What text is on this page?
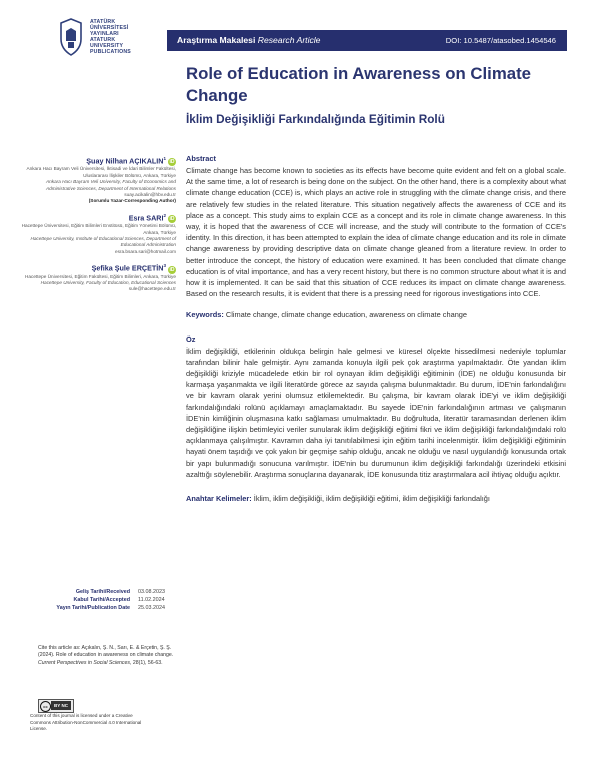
ATATÜRK
ÜNİVERSİTESİ
YAYINLARI
ATATURK
UNIVERSITY
PUBLICATIONS
Araştırma Makalesi Research Article	DOI: 10.5487/atasobed.1454546
Role of Education in Awareness on Climate Change
İklim Değişikliği Farkındalığında Eğitimin Rolü
Şuay Nilhan AÇIKALIN$^1$iD
Ankara Hacı Bayram Veli Üniversitesi, İktisadi ve İdari Bilimler Fakültesi, Uluslararası İlişkiler Bölümü, Ankara, Türkiye
Ankara Hacı Bayram Veli University, Faculty of Economics and Administrative Sciences, Department of International Relations
suay.acikalin@hbv.edu.tr
(Sorumlu Yazar-Corresponding Author)
Esra SARI$^2$iD
Hacettepe Üniversitesi, Eğitim Bilimleri Enstitüsü, Eğitim Yönetimi Bölümü, Ankara, Türkiye
Hacettepe University, Institute of Educational Sciences, Department of Educational Administration
esra.bsara.sari@hotmail.com
Şefika Şule ERÇETİN$^3$iD
Hacettepe Üniversitesi, Eğitim Fakültesi, Eğitim Bilimleri, Ankara, Türkiye
Hacettepe University, Faculty of Education, Educational Sciences
sule@hacettepe.edu.tr
Geliş Tarihi/Received 03.08.2023
Kabul Tarihi/Accepted 11.02.2024
Yayın Tarihi/Publication Date 25.03.2024
Cite this article as: Açıkalın, Ş. N., Sarı, E. & Erçetin, Ş. Ş. (2024). Role of education in awareness on climate change. Current Perspectives in Social Sciences, 28(1), 56-63.
cc	BY NC
Content of this journal is licensed under a Creative Commons Attribution-NonCommercial 4.0 International License.
Abstract

Climate change has become known to societies as its effects have become quite evident and felt on a global scale. At the same time, a lot of research is being done on the subject. On the other hand, there is a complexity about what climate change education (CCE) is, which plays an active role in struggling with the climate change crisis, and there are relatively few studies in the related literature. This situation negatively affects the awareness of CCE and its place as a concept. This study aims to explain CCE as a concept and its role in climate change awareness. In this way, it is hoped that the awareness of CCE will increase, and the study will contribute to the formation of CCE's identity. In this direction, it has been attempted to explain the idea of climate change education and its role in climate change awareness by providing descriptive data on climate change gleaned from a literature review. In order to better introduce the concept, the history of education were examined. It has been concluded that climate change education is of vital importance, and has a very recent history, but there is no common structure about what it is and how it is implemented. It can be said that this situation of CCE reduces its impact on climate change awareness. Based on the research results, it is evident that there is a pressing need for rigorous investigations into CCE.

Keywords: Climate change, climate change education, awareness on climate change

Öz

İklim değişikliği, etkilerinin oldukça belirgin hale gelmesi ve küresel ölçekte hissedilmesi nedeniyle toplumlar tarafından bilinir hale gelmiştir. Aynı zamanda konuyla ilgili pek çok araştırma yapılmaktadır. Öte yandan iklim değişikliği kriziyle mücadelede etkin bir rol oynayan iklim değişikliği eğitiminin (İDE) ne olduğu konusunda bir karmaşa yaşanmakta ve ilgili literatürde görece az sayıda çalışma bulunmaktadır. Bu durum, İDE'nin farkındalığını ve bir kavram olarak yerini olumsuz etkilemektedir. Bu çalışma, bir kavram olarak İDE'yi ve iklim değişikliği farkındalığındaki rolünü açıklamayı amaçlamaktadır. Bu sayede İDE'nin farkındalığının artması ve çalışmanın İDE'nin kimliğinin oluşmasına katkı sağlaması umulmaktadır. Bu doğrultuda, literatür taramasından derlenen iklim değişikliğine ilişkin betimleyici veriler sunularak iklim değişikliği eğitimi fikri ve iklim değişikliği farkındalığındaki rolü açıklanmaya çalışılmıştır. Kavramın daha iyi tanıtılabilmesi için eğitim tarihi incelenmiştir. İklim değişikliği eğitiminin hayati önem taşıdığı ve çok yakın bir geçmişe sahip olduğu, ancak ne olduğu ve nasıl uygulandığı konusunda ortak bir yapı bulunmadığı sonucuna varılmıştır. İDE'nin bu durumunun iklim değişikliği farkındalığı üzerindeki etkisini azalttığı söylenebilir. Araştırma sonuçlarına dayanarak, İDE konusunda titiz araştırmalara acil ihtiyaç olduğu açıktır.

Anahtar Kelimeler: İklim, iklim değişikliği, iklim değişikliği eğitimi, iklim değişikliği farkındalığı
